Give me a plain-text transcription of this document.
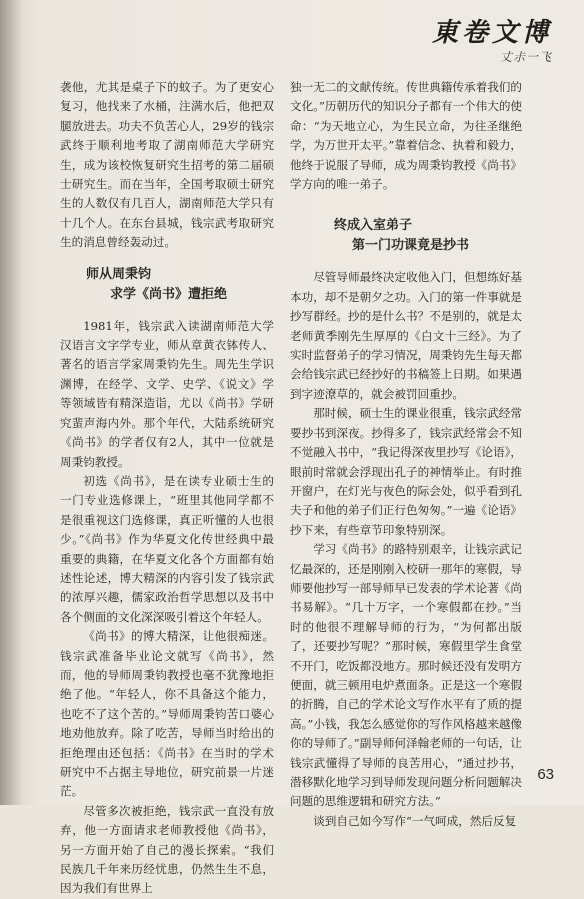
東卷文博
丈尗一飞

袭他，尤其是桌子下的蚊子。为了更安心复习，他找来了水桶，注满水后，他把双腿放进去。功夫不负苦心人，29岁的钱宗武终于顺利地考取了湖南师范大学研究生，成为该校恢复研究生招考的第二届硕士研究生。而在当年，全国考取硕士研究生的人数仅有几百人，湖南师范大学只有十几个人。在东台县城，钱宗武考取研究生的消息曾经轰动过。

师从周秉钧

求学《尚书》遭拒绝

1981年，钱宗武入读湖南师范大学汉语言文字学专业，师从章黄衣钵传人、著名的语言学家周秉钧先生。周先生学识渊博，在经学、文学、史学、《说文》学等领域皆有精深造诣，尤以《尚书》学研究蜚声海内外。那个年代，大陆系统研究《尚书》的学者仅有2人，其中一位就是周秉钧教授。

初选《尚书》，是在读专业硕士生的一门专业选修课上，“班里其他同学都不是很重视这门选修课，真正听懂的人也很少。”《尚书》作为华夏文化传世经典中最重要的典籍，在华夏文化各个方面都有始述性论述，博大精深的内容引发了钱宗武的浓厚兴趣，儒家政治哲学思想以及书中各个侧面的文化深深吸引着这个年轻人。

《尚书》的博大精深，让他很痴迷。钱宗武准备毕业论文就写《尚书》，然而，他的导师周秉钧教授也毫不犹豫地拒绝了他。“年轻人，你不具备这个能力，也吃不了这个苦的。”导师周秉钧苦口婆心地劝他放弃。除了吃苦，导师当时给出的拒绝理由还包括：《尚书》在当时的学术研究中不占据主导地位，研究前景一片迷茫。

尽管多次被拒绝，钱宗武一直没有放弃，他一方面请求老师教授他《尚书》，另一方面开始了自己的漫长探索。“我们民族几千年来历经忧患，仍然生生不息，因为我们有世界上

独一无二的文献传统。传世典籍传承着我们的文化。”历朝历代的知识分子都有一个伟大的使命：“为天地立心，为生民立命，为往圣继绝学，为万世开太平。”靠着信念、执着和毅力，他终于说服了导师，成为周秉钧教授《尚书》学方向的唯一弟子。

终成入室弟子

第一门功课竟是抄书

尽管导师最终决定收他入门，但想练好基本功，却不是朝夕之功。入门的第一件事就是抄写群经。抄的是什么书？不是别的，就是太老师黄季刚先生厚厚的《白文十三经》。为了实时监督弟子的学习情况，周秉钧先生每天都会给钱宗武已经抄好的书稿签上日期。如果遇到字迹潦草的，就会被罚回重抄。

那时候，硕士生的课业很重，钱宗武经常要抄书到深夜。抄得多了，钱宗武经常会不知不觉融入书中，“我记得深夜里抄写《论语》，眼前时常就会浮现出孔子的神情举止。有时推开窗户，在灯光与夜色的际会处，似乎看到孔夫子和他的弟子们正行色匆匆。”一遍《论语》抄下来，有些章节印象特别深。

学习《尚书》的路特别艰辛，让钱宗武记忆最深的，还是刚刚入校研一那年的寒假，导师要他抄写一部导师早已发表的学术论著《尚书易解》。“几十万字，一个寒假都在抄。”当时的他很不理解导师的行为，“为何都出版了，还要抄写呢？”那时候，寒假里学生食堂不开门，吃饭都没地方。那时候还没有发明方便面，就三顿用电炉煮面条。正是这一个寒假的折腾，自己的学术论文写作水平有了质的提高。”小钱，我怎么感觉你的写作风格越来越像你的导师了。”副导师何泽翰老师的一句话，让钱宗武懂得了导师的良苦用心，“通过抄书，潜移默化地学习到导师发现问题分析问题解决问题的思维逻辑和研究方法。”

谈到自己如今写作“一气呵成，然后反复

63
